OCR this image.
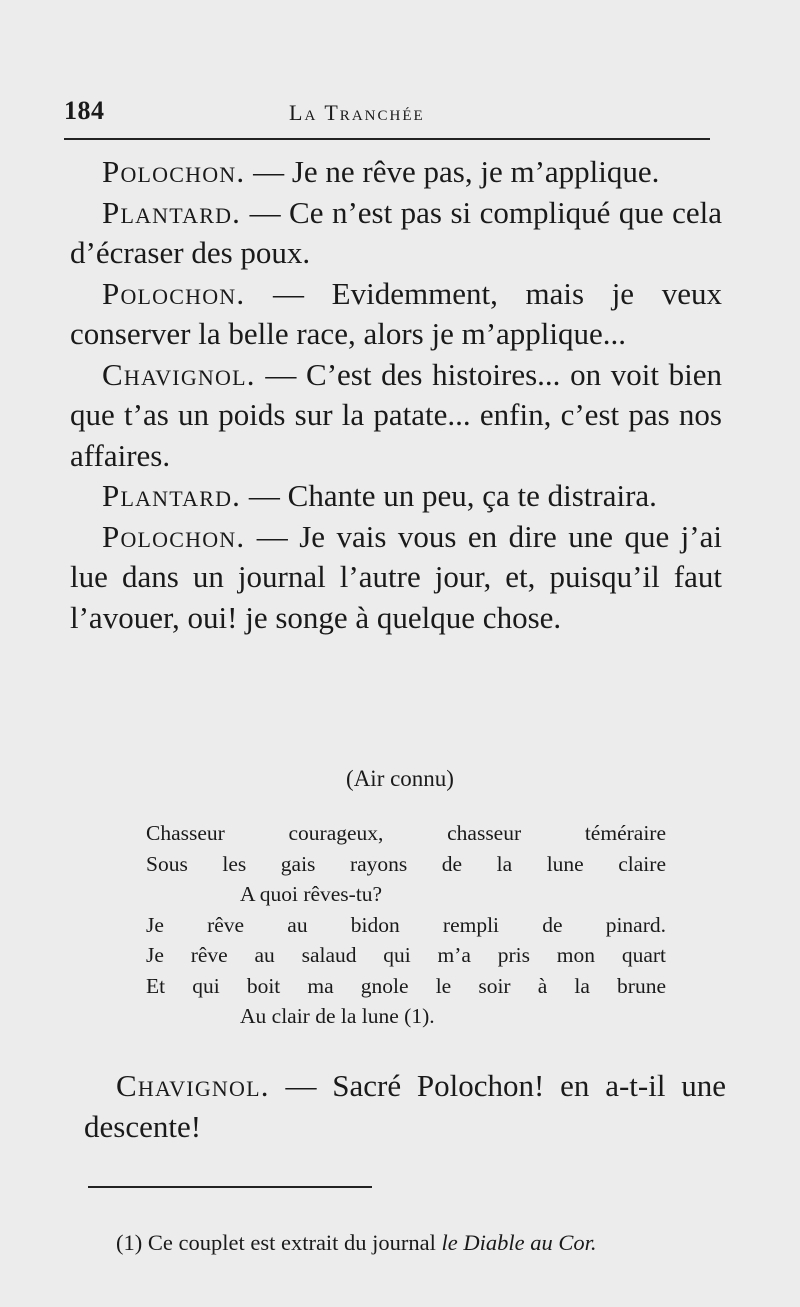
184	La Tranchée

Polochon. — Je ne rêve pas, je m’applique.

Plantard. — Ce n’est pas si compliqué que cela d’écraser des poux.

Polochon. — Evidemment, mais je veux conserver la belle race, alors je m’applique...

Chavignol. — C’est des histoires... on voit bien que t’as un poids sur la patate... enfin, c’est pas nos affaires.

Plantard. — Chante un peu, ça te distraira.

Polochon. — Je vais vous en dire une que j’ai lue dans un journal l’autre jour, et, puisqu’il faut l’avouer, oui! je songe à quelque chose.

(Air connu)
Chasseur courageux, chasseur téméraire
Sous les gais rayons de la lune claire
A quoi rêves-tu?
Je rêve au bidon rempli de pinard.
Je rêve au salaud qui m’a pris mon quart
Et qui boit ma gnole le soir à la brune
Au clair de la lune (1).

Chavignol. — Sacré Polochon! en a-t-il une descente!

(1) Ce couplet est extrait du journal le Diable au Cor.
